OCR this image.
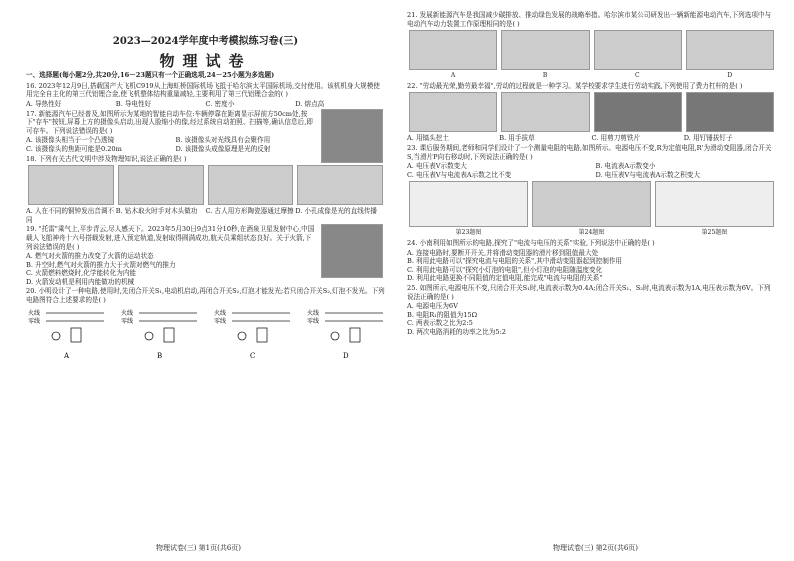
2023—2024学年度中考模拟练习卷(三)
物理试卷
一、选择题(每小题2分,共20分,16－23题只有一个正确选项,24－25小题为多选题)
16. 2023年12月9日,搭载国产大飞机C919从上海虹桥国际机场飞抵于哈尔滨太平国际机场,交付使用。该机机身大规模使用完全自主化的第三代铝锂合金,使飞机整体结构重量减轻,主要利用了第三代铝锂合金的( )
A. 导热性好	B. 导电性好	C. 密度小	D. 熔点高
17. 新能源汽车已经普及,如图所示为某地的智能自动车位:车辆停靠在距离显示屏前方50cm处,按下"存车"按钮,屏幕上方的摄像头启动,出现人脸缩小的像,经过系统自动拍照、扫描等,确认信息后,即可存车。下列说法错误的是( )
A. 该摄像头相当于一个凸透镜	B. 该摄像头对光线具有会聚作用
C. 该摄像头的焦距可能是0.20m	D. 该摄像头成像原理是光的反射
18. 下列有关古代文明中涉及物理知识,说法正确的是( )
A. 人在不同的铜钟发出音调不同
B. 钻木取火时手对木头做功	C. 古人用方形陶瓷器通过摩擦 D. 小孔成像是光的直线传播
19. "托雷"乘气上,平步青云,尽人感天下。2023年5月30日9点31分10秒,在酒泉卫星发射中心,中国载人飞船神舟十六号搭载发射,进入预定轨道,发射取得圆满成功,航天员乘组状态良好。关于火箭,下列说法错误的是( )
A. 燃气对火箭的推力改变了火箭的运动状态
B. 升空时,燃气对火箭的推力大于火箭对燃气的推力
C. 火箭燃料燃烧时,化学能转化为内能
D. 火箭发动机是利用内能做功的机械
20. 小明设计了一种电路,使用时,先闭合开关S₁,电动机启动,再闭合开关S₂,灯泡才能发光;若只闭合开关S₂,灯泡不发光。下列电路图符合上述要求的是( )
火线
零线
A
火线
零线
B
火线
零线
C
火线
零线
D
物理试卷(三) 第1页(共6页)
21. 发展新能源汽车是我国减少碳排放、推动绿色发展的战略举措。哈尔滨市某公司研发出一辆新能源电动汽车,下列选项中与电动汽车动力装置工作原理相同的是( )
A	B	C	D
22. "劳动最光荣,勤劳最幸福",劳动的过程就是一种学习。某学校要求学生进行劳动实践,下列使用了费力杠杆的是( )
A. 用镐头挖土	B. 用手拔草	C. 用剪刀剪铁片	D. 用钉锤拔钉子
23. 课后服务期间,老师和同学们设计了一个测量电阻的电路,如图所示。电源电压不变,R为定值电阻,R'为滑动变阻器,闭合开关S,当滑片P向右移动时,下列说法正确的是( )
A. 电压表V示数变大	B. 电流表A示数变小
C. 电压表V与电流表A示数之比不变	D. 电压表V与电流表A示数之积变大
第23题图	第24题图	第25题图
24. 小南利用如图所示的电路,探究了"电流与电压的关系"实验,下列说法中正确的是( )
A. 连接电路时,要断开开关,并将滑动变阻器的滑片移到阻值最大处
B. 利用此电路可以"探究电流与电阻的关系",其中滑动变阻器起到控制作用
C. 利用此电路可以"探究小灯泡的电阻",但小灯泡的电阻随温度变化
D. 利用此电路更换不同阻值的定值电阻,能完成"电流与电阻的关系"
25. 如图所示,电源电压不变,只闭合开关S₁时,电流表示数为0.4A;闭合开关S₁、S₂时,电流表示数为1A,电压表示数为6V。下列说法正确的是( )
A. 电源电压为6V
B. 电阻R₁的阻值为15Ω
C. 两表示数之比为2:5
D. 两次电路消耗的功率之比为5:2
物理试卷(三) 第2页(共6页)
